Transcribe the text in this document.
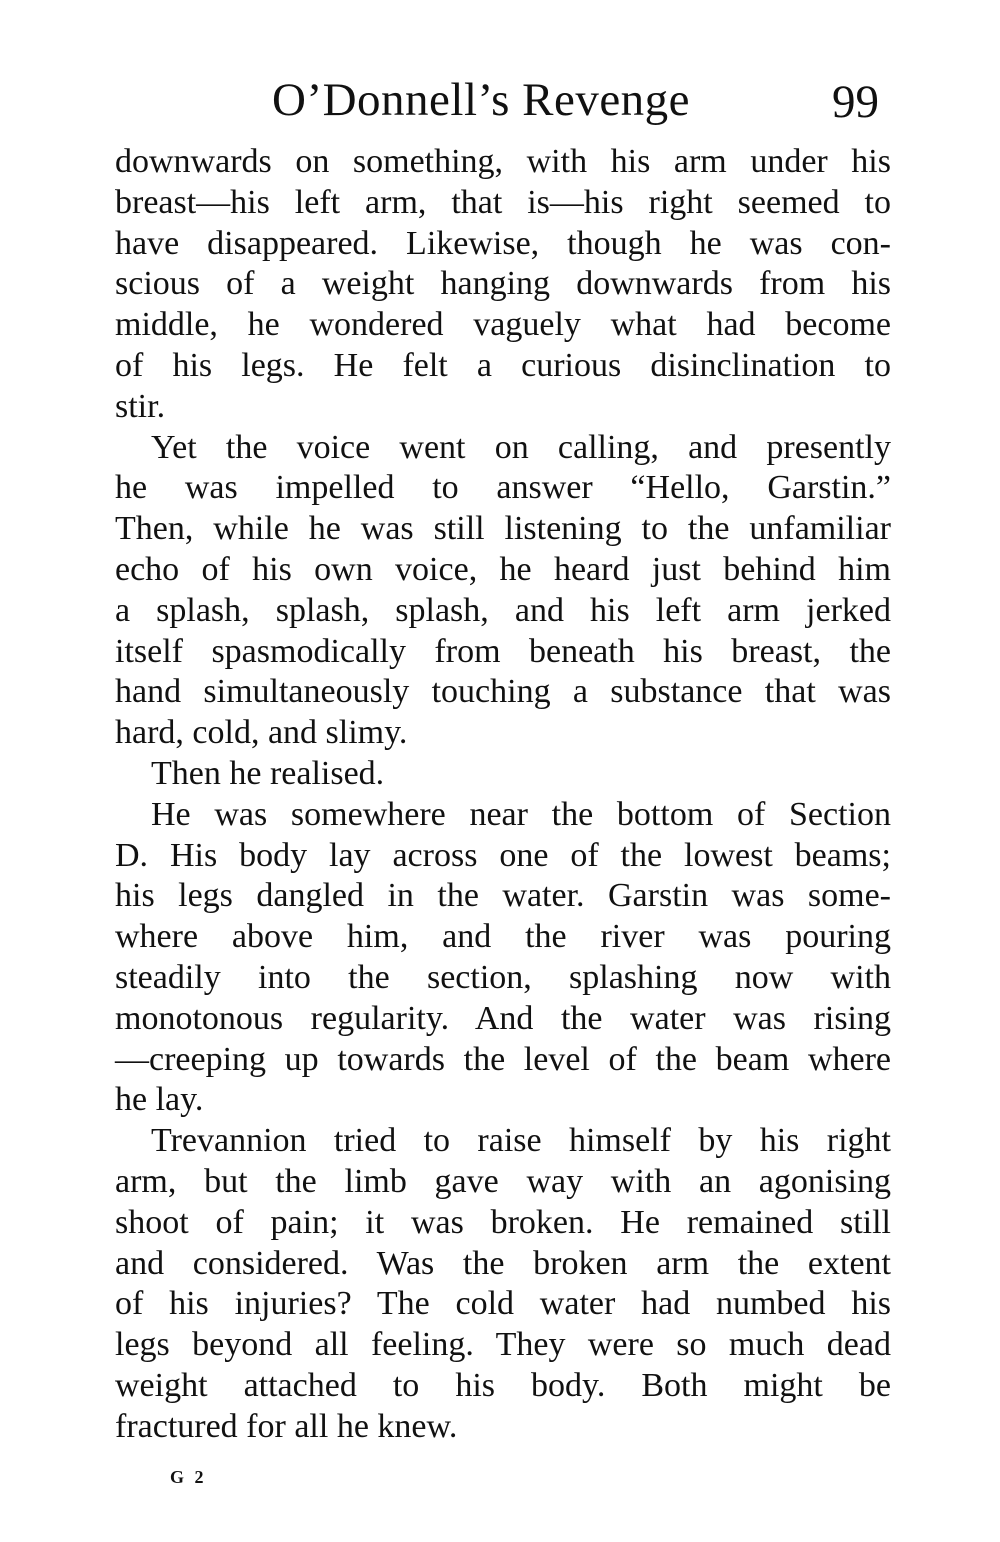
O’Donnell’s Revenge	99
downwards on something, with his arm under his
breast—his left arm, that is—his right seemed to
have disappeared. Likewise, though he was con-
scious of a weight hanging downwards from his
middle, he wondered vaguely what had become
of his legs. He felt a curious disinclination to
stir.
Yet the voice went on calling, and presently
he was impelled to answer “Hello, Garstin.”
Then, while he was still listening to the unfamiliar
echo of his own voice, he heard just behind him
a splash, splash, splash, and his left arm jerked
itself spasmodically from beneath his breast, the
hand simultaneously touching a substance that was
hard, cold, and slimy.
Then he realised.
He was somewhere near the bottom of Section
D. His body lay across one of the lowest beams;
his legs dangled in the water. Garstin was some-
where above him, and the river was pouring
steadily into the section, splashing now with
monotonous regularity. And the water was rising
—creeping up towards the level of the beam where
he lay.
Trevannion tried to raise himself by his right
arm, but the limb gave way with an agonising
shoot of pain; it was broken. He remained still
and considered. Was the broken arm the extent
of his injuries? The cold water had numbed his
legs beyond all feeling. They were so much dead
weight attached to his body. Both might be
fractured for all he knew.
G 2
